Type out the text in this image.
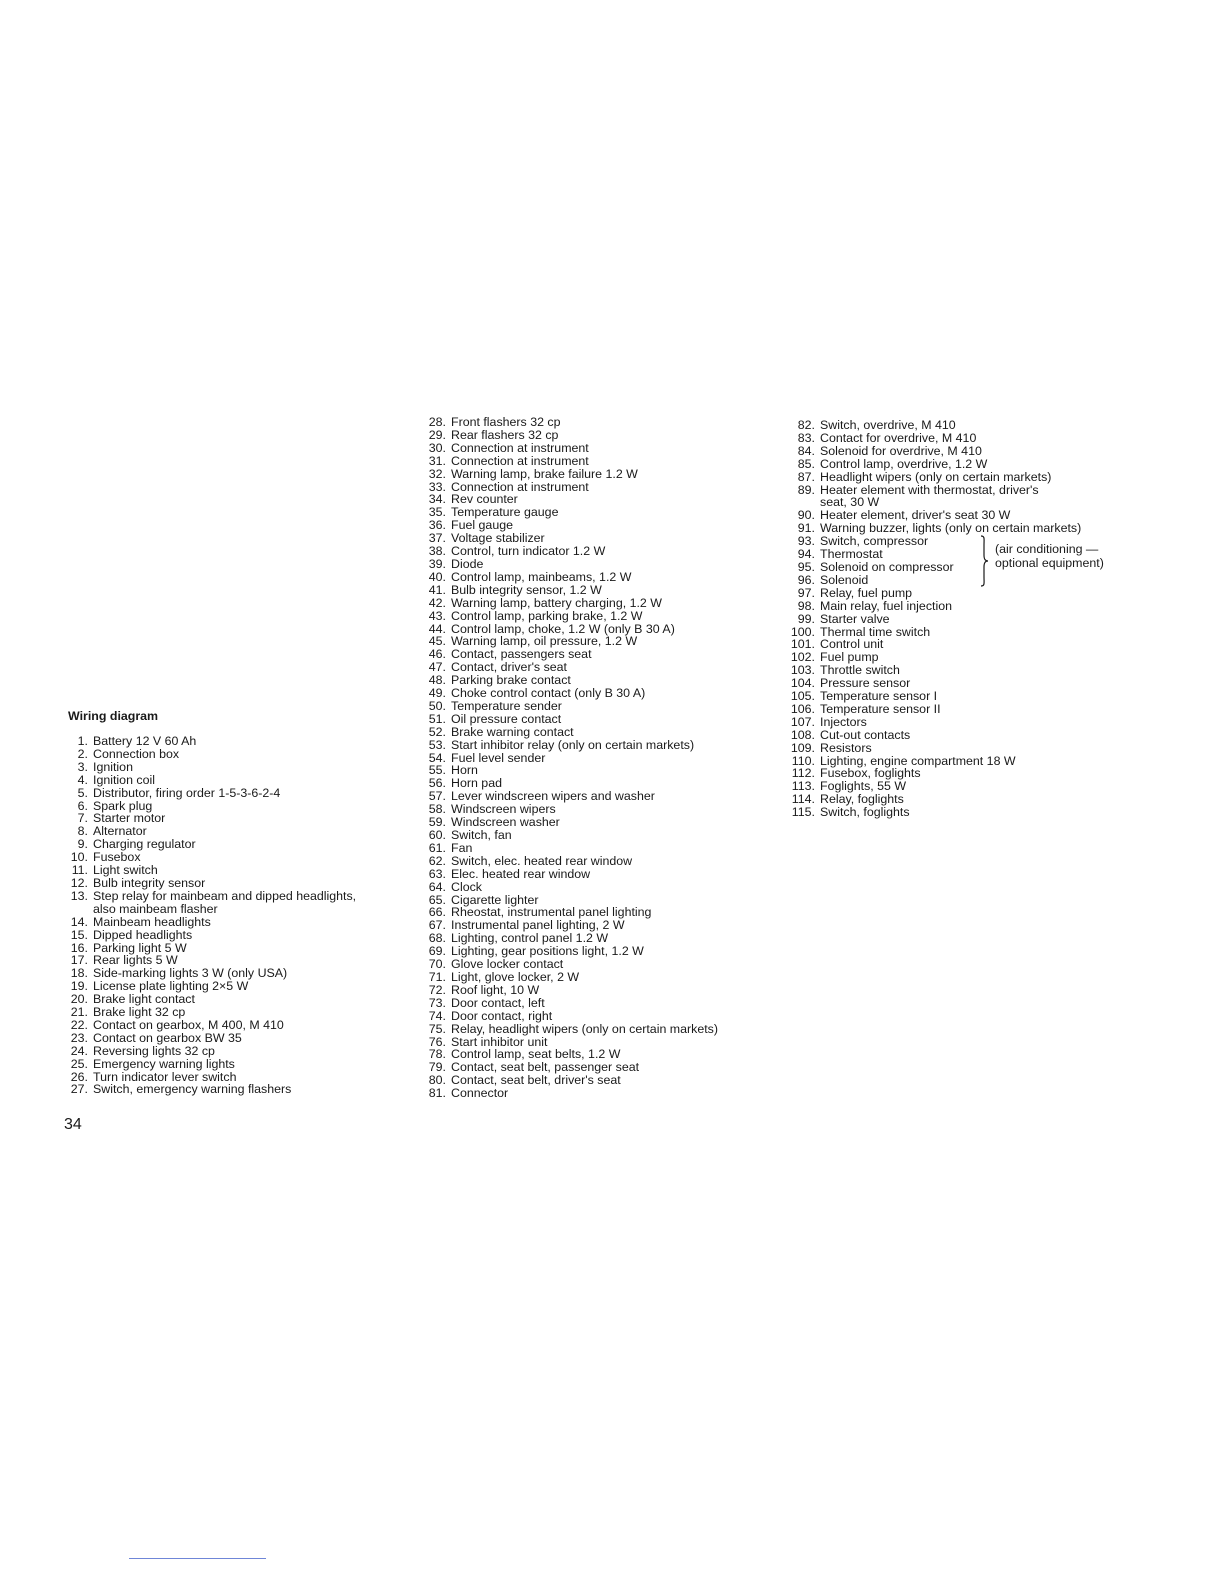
Wiring diagram
1. Battery 12 V 60 Ah
2. Connection box
3. Ignition
4. Ignition coil
5. Distributor, firing order 1-5-3-6-2-4
6. Spark plug
7. Starter motor
8. Alternator
9. Charging regulator
10. Fusebox
11. Light switch
12. Bulb integrity sensor
13. Step relay for mainbeam and dipped headlights,
also mainbeam flasher
14. Mainbeam headlights
15. Dipped headlights
16. Parking light 5 W
17. Rear lights 5 W
18. Side-marking lights 3 W (only USA)
19. License plate lighting 2×5 W
20. Brake light contact
21. Brake light 32 cp
22. Contact on gearbox, M 400, M 410
23. Contact on gearbox BW 35
24. Reversing lights 32 cp
25. Emergency warning lights
26. Turn indicator lever switch
27. Switch, emergency warning flashers
28. Front flashers 32 cp
29. Rear flashers 32 cp
30. Connection at instrument
31. Connection at instrument
32. Warning lamp, brake failure 1.2 W
33. Connection at instrument
34. Rev counter
35. Temperature gauge
36. Fuel gauge
37. Voltage stabilizer
38. Control, turn indicator 1.2 W
39. Diode
40. Control lamp, mainbeams, 1.2 W
41. Bulb integrity sensor, 1.2 W
42. Warning lamp, battery charging, 1.2 W
43. Control lamp, parking brake, 1.2 W
44. Control lamp, choke, 1.2 W (only B 30 A)
45. Warning lamp, oil pressure, 1.2 W
46. Contact, passengers seat
47. Contact, driver's seat
48. Parking brake contact
49. Choke control contact (only B 30 A)
50. Temperature sender
51. Oil pressure contact
52. Brake warning contact
53. Start inhibitor relay (only on certain markets)
54. Fuel level sender
55. Horn
56. Horn pad
57. Lever windscreen wipers and washer
58. Windscreen wipers
59. Windscreen washer
60. Switch, fan
61. Fan
62. Switch, elec. heated rear window
63. Elec. heated rear window
64. Clock
65. Cigarette lighter
66. Rheostat, instrumental panel lighting
67. Instrumental panel lighting, 2 W
68. Lighting, control panel 1.2 W
69. Lighting, gear positions light, 1.2 W
70. Glove locker contact
71. Light, glove locker, 2 W
72. Roof light, 10 W
73. Door contact, left
74. Door contact, right
75. Relay, headlight wipers (only on certain markets)
76. Start inhibitor unit
78. Control lamp, seat belts, 1.2 W
79. Contact, seat belt, passenger seat
80. Contact, seat belt, driver's seat
81. Connector
82. Switch, overdrive, M 410
83. Contact for overdrive, M 410
84. Solenoid for overdrive, M 410
85. Control lamp, overdrive, 1.2 W
87. Headlight wipers (only on certain markets)
89. Heater element with thermostat, driver's
seat, 30 W
90. Heater element, driver's seat 30 W
91. Warning buzzer, lights (only on certain markets)
93. Switch, compressor
94. Thermostat
95. Solenoid on compressor
96. Solenoid
(air conditioning —
optional equipment)
97. Relay, fuel pump
98. Main relay, fuel injection
99. Starter valve
100. Thermal time switch
101. Control unit
102. Fuel pump
103. Throttle switch
104. Pressure sensor
105. Temperature sensor I
106. Temperature sensor II
107. Injectors
108. Cut-out contacts
109. Resistors
110. Lighting, engine compartment 18 W
112. Fusebox, foglights
113. Foglights, 55 W
114. Relay, foglights
115. Switch, foglights
34
